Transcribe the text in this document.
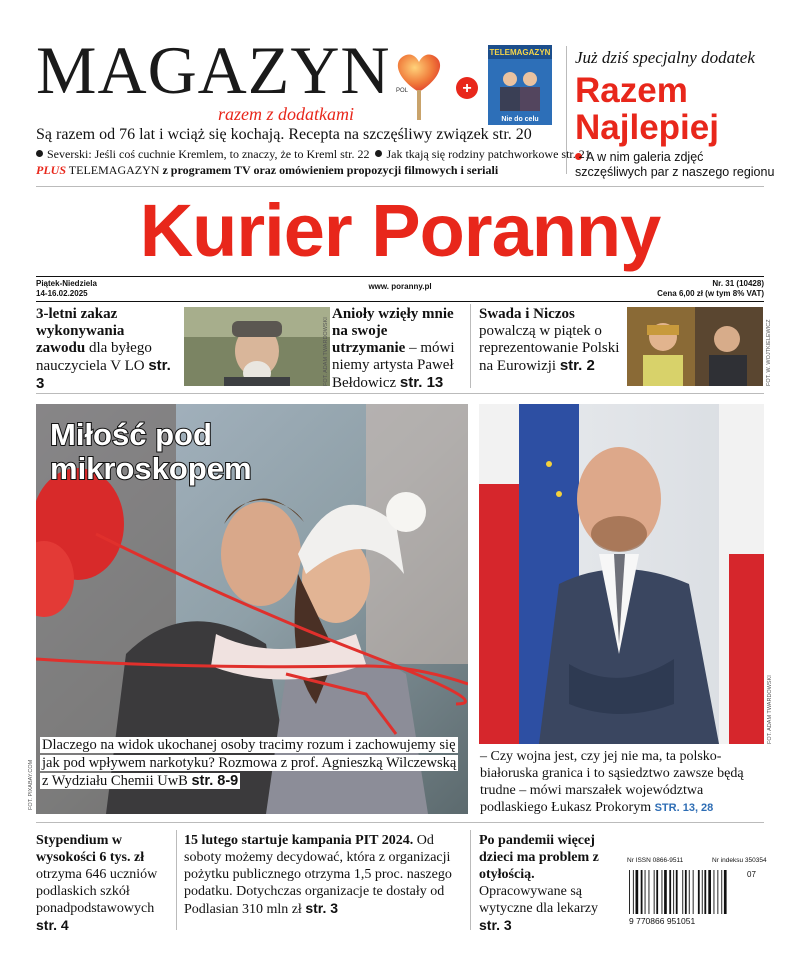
MAGAZYN
razem z dodatkami
POL	+
TELEMAGAZYN
Nie do celu
Już dziś specjalny dodatek
Razem
Najlepiej
A w nim galeria zdjęć szczęśliwych par z naszego regionu
Są razem od 76 lat i wciąż się kochają. Recepta na szczęśliwy związek str. 20
Severski: Jeśli coś cuchnie Kremlem, to znaczy, że to Kreml str. 22 Jak tkają się rodziny patchworkowe str. 21
PLUS TELEMAGAZYN z programem TV oraz omówieniem propozycji filmowych i seriali
Kurier Poranny
Piątek-Niedziela
14-16.02.2025
www. poranny.pl	Nr. 31 (10428)
Cena 6,00 zł (w tym 8% VAT)
3-letni zakaz wykonywania zawodu dla byłego nauczyciela V LO str. 3	FOT. ADAM TWARDOWSKI
Anioły wzięły mnie na swoje utrzymanie – mówi niemy artysta Paweł Bełdowicz str. 13
Swada i Niczos powalczą w piątek o reprezentowanie Polski na Eurowizji str. 2	FOT. W. WOJTKIELEWICZ
Miłość pod
mikroskopem
Dlaczego na widok ukochanej osoby tracimy rozum i zachowujemy się jak pod wpływem narkotyku? Rozmowa z prof. Agnieszką Wilczewską z Wydziału Chemii UwB str. 8-9
FOT. PIXABAY.COM
FOT. ADAM TWARDOWSKI
– Czy wojna jest, czy jej nie ma, ta polsko-białoruska granica i to sąsiedztwo zawsze będą trudne – mówi marszałek województwa podlaskiego Łukasz Prokorym STR. 13, 28
Stypendium w wysokości 6 tys. zł otrzyma 646 uczniów podlaskich szkół ponadpodstawowych str. 4
15 lutego startuje kampania PIT 2024. Od soboty możemy decydować, która z organizacji pożytku publicznego otrzyma 1,5 proc. naszego podatku. Dotychczas organizacje te dostały od Podlasian 310 mln zł str. 3
Po pandemii więcej dzieci ma problem z otyłością. Opracowywane są wytyczne dla lekarzy str. 3
Nr ISSN 0866-9511	Nr indeksu 350354
9 770866 951051
07
